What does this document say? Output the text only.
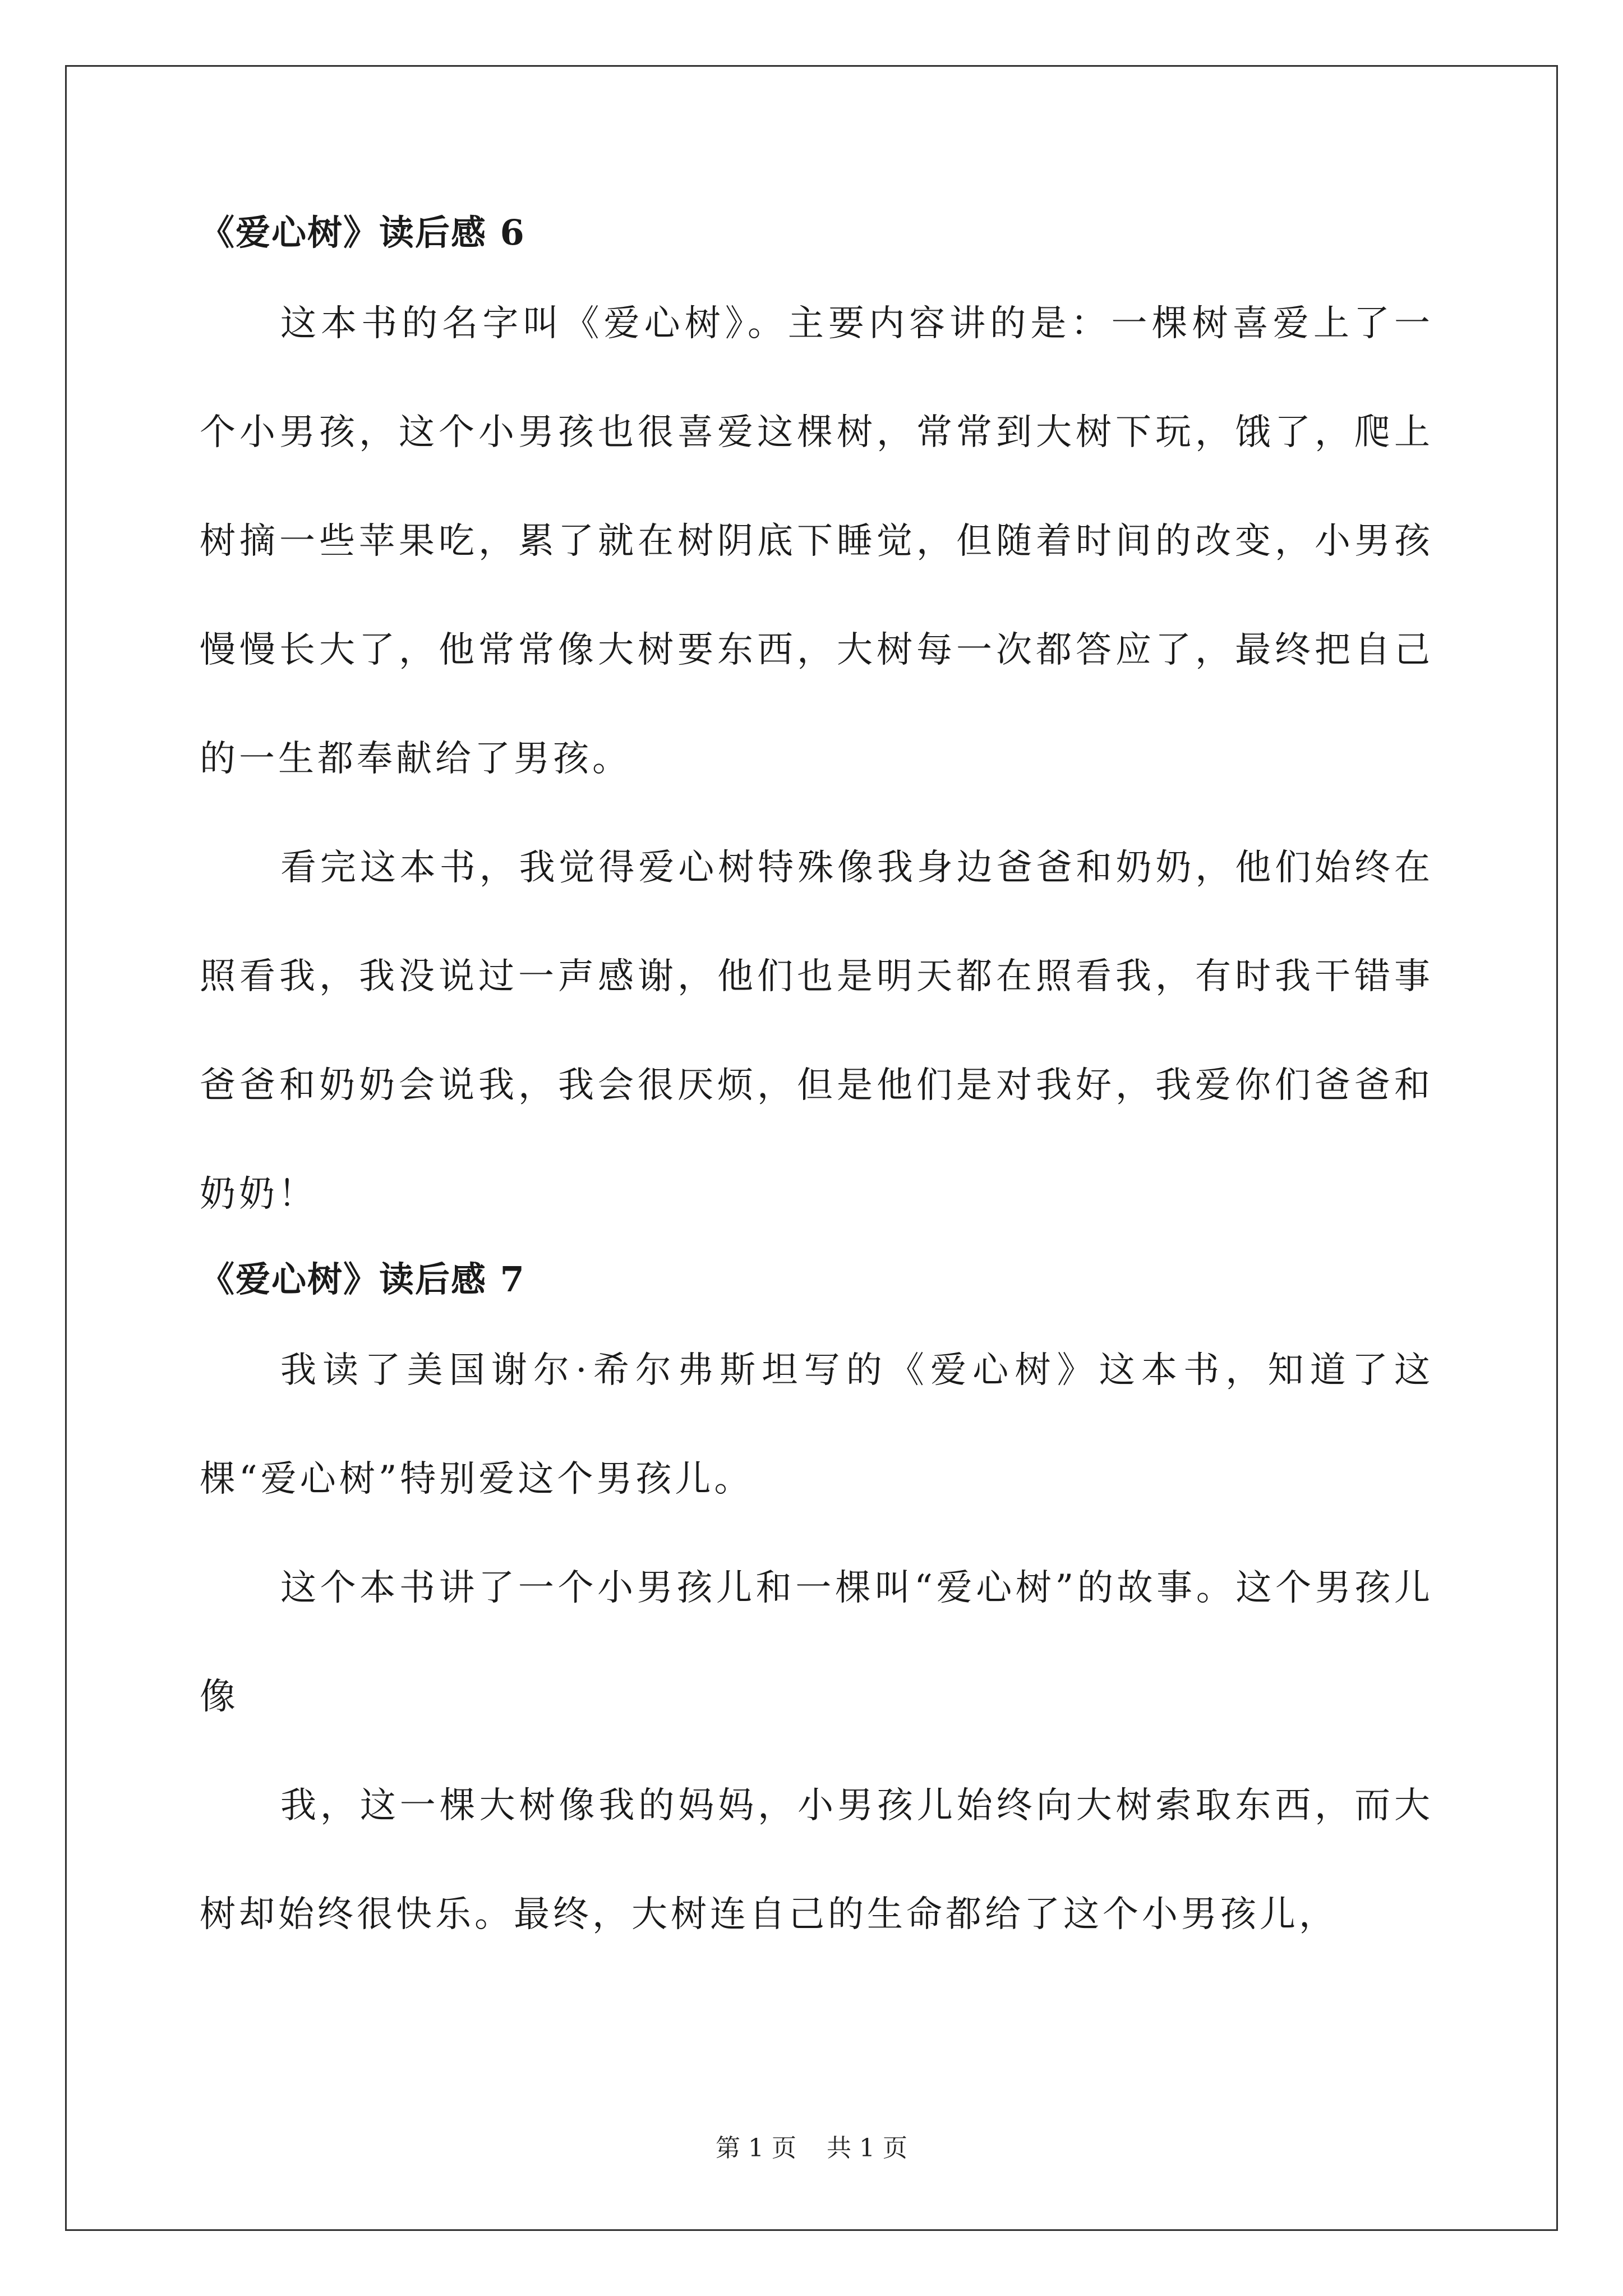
《爱心树》读后感 6

这本书的名字叫《爱心树》。主要内容讲的是：一棵树喜爱上了一个小男孩，这个小男孩也很喜爱这棵树，常常到大树下玩，饿了，爬上树摘一些苹果吃，累了就在树阴底下睡觉，但随着时间的改变，小男孩慢慢长大了，他常常像大树要东西，大树每一次都答应了，最终把自己的一生都奉献给了男孩。

看完这本书，我觉得爱心树特殊像我身边爸爸和奶奶，他们始终在照看我，我没说过一声感谢，他们也是明天都在照看我，有时我干错事爸爸和奶奶会说我，我会很厌烦，但是他们是对我好，我爱你们爸爸和奶奶！

《爱心树》读后感 7

我读了美国谢尔·希尔弗斯坦写的《爱心树》这本书，知道了这棵“爱心树”特别爱这个男孩儿。

这个本书讲了一个小男孩儿和一棵叫“爱心树”的故事。这个男孩儿像

我，这一棵大树像我的妈妈，小男孩儿始终向大树索取东西，而大树却始终很快乐。最终，大树连自己的生命都给了这个小男孩儿，

第 1 页 共 1 页
